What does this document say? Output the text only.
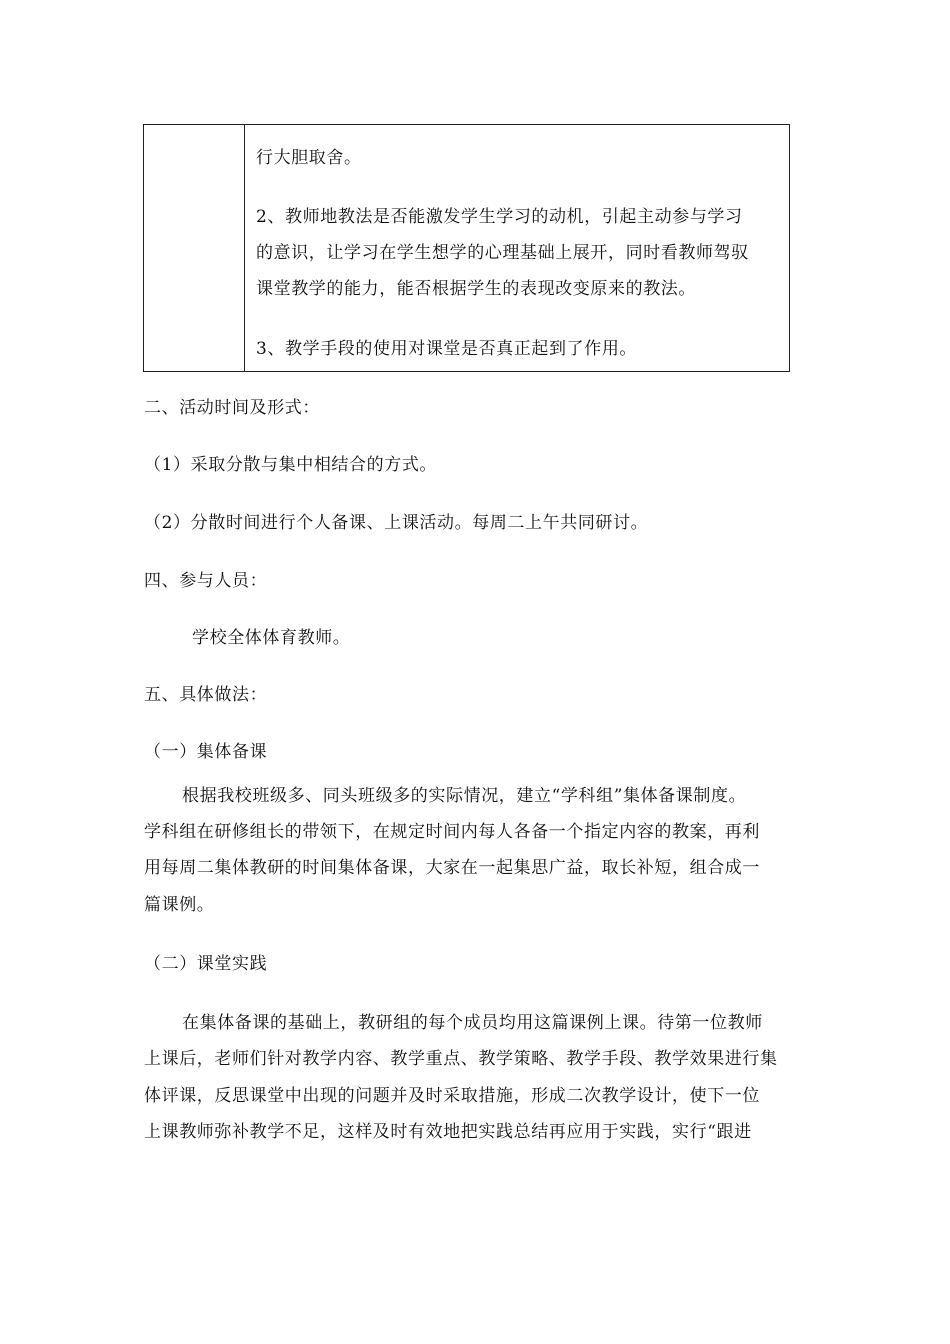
行大胆取舍。
2、教师地教法是否能激发学生学习的动机，引起主动参与学习
的意识，让学习在学生想学的心理基础上展开，同时看教师驾驭
课堂教学的能力，能否根据学生的表现改变原来的教法。
3、教学手段的使用对课堂是否真正起到了作用。
二、活动时间及形式：
（1）采取分散与集中相结合的方式。
（2）分散时间进行个人备课、上课活动。每周二上午共同研讨。
四、参与人员：
学校全体体育教师。
五、具体做法：
（一）集体备课
根据我校班级多、同头班级多的实际情况，建立“学科组”集体备课制度。
学科组在研修组长的带领下，在规定时间内每人各备一个指定内容的教案，再利
用每周二集体教研的时间集体备课，大家在一起集思广益，取长补短，组合成一
篇课例。
（二）课堂实践
在集体备课的基础上，教研组的每个成员均用这篇课例上课。待第一位教师
上课后，老师们针对教学内容、教学重点、教学策略、教学手段、教学效果进行集
体评课，反思课堂中出现的问题并及时采取措施，形成二次教学设计，使下一位
上课教师弥补教学不足，这样及时有效地把实践总结再应用于实践，实行“跟进
